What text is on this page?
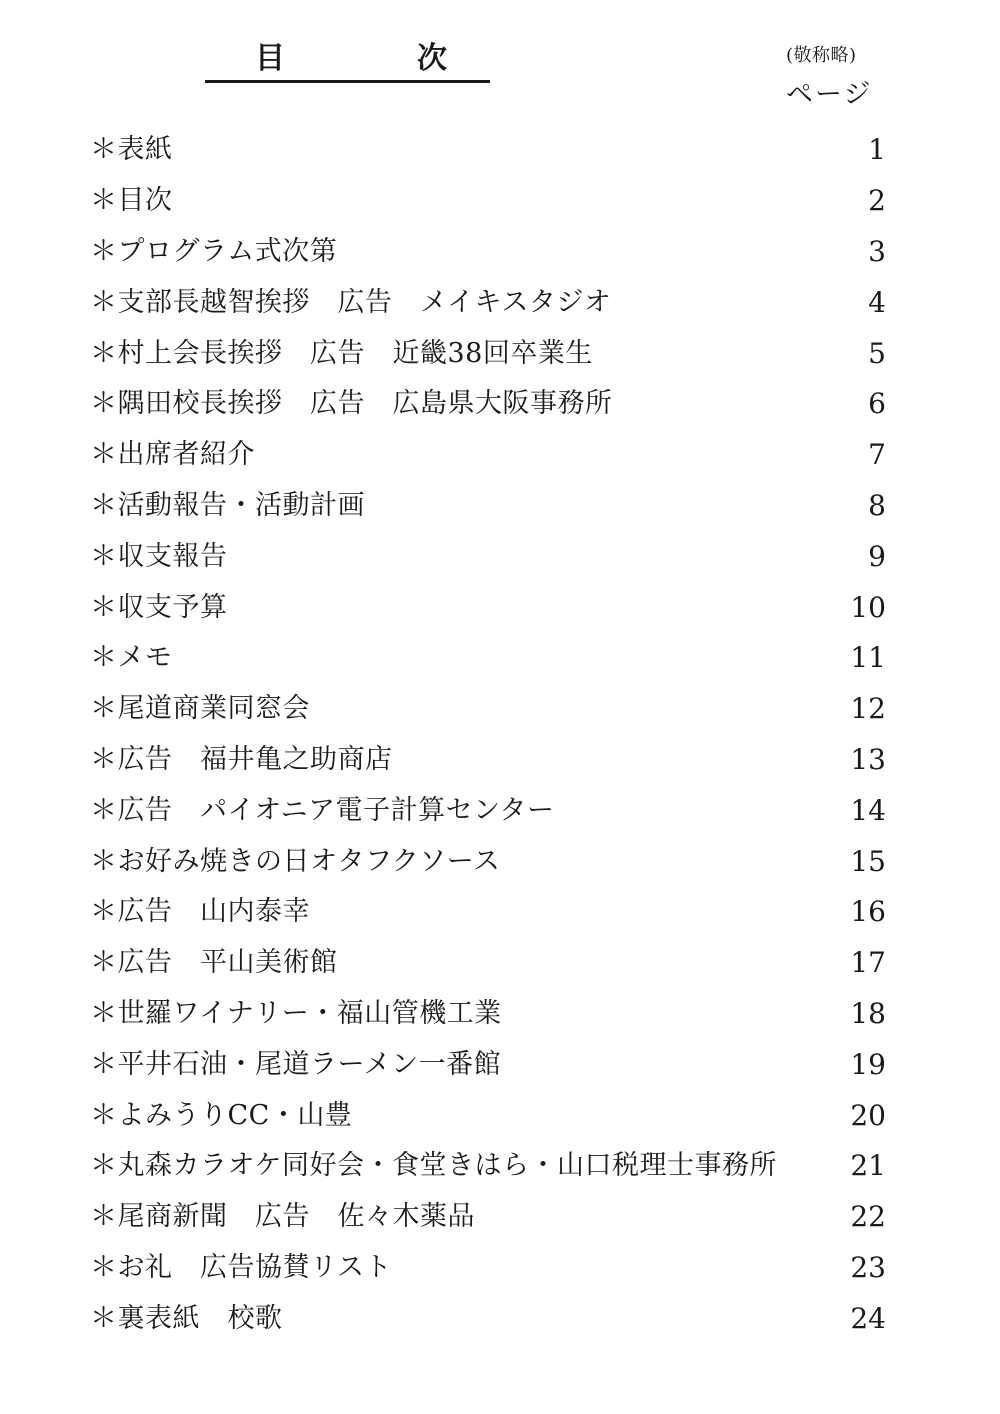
目	次	(敬称略)
ページ
＊表紙	1
＊目次	2
＊プログラム式次第	3
＊支部長越智挨拶　広告　メイキスタジオ	4
＊村上会長挨拶　広告　近畿38回卒業生	5
＊隅田校長挨拶　広告　広島県大阪事務所	6
＊出席者紹介	7
＊活動報告・活動計画	8
＊収支報告	9
＊収支予算	10
＊メモ	11
＊尾道商業同窓会	12
＊広告　福井亀之助商店	13
＊広告　パイオニア電子計算センター	14
＊お好み焼きの日オタフクソース	15
＊広告　山内泰幸	16
＊広告　平山美術館	17
＊世羅ワイナリー・福山管機工業	18
＊平井石油・尾道ラーメン一番館	19
＊よみうりCC・山豊	20
＊丸森カラオケ同好会・食堂きはら・山口税理士事務所	21
＊尾商新聞　広告　佐々木薬品	22
＊お礼　広告協賛リスト	23
＊裏表紙　校歌	24
